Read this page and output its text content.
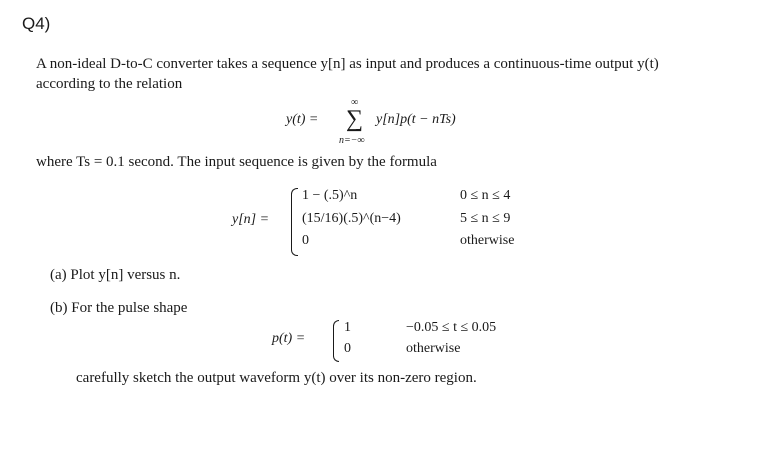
Q4)
A non-ideal D-to-C converter takes a sequence y[n] as input and produces a continuous-time output y(t)
according to the relation
y(t) =
∞
∑
n=−∞
y[n]p(t − nTs)
where Ts = 0.1 second. The input sequence is given by the formula
y[n] =
1 − (.5)^n
(15/16)(.5)^(n−4)
0
0 ≤ n ≤ 4
5 ≤ n ≤ 9
otherwise
(a) Plot y[n] versus n.
(b) For the pulse shape
p(t) =
1
0
−0.05 ≤ t ≤ 0.05
otherwise
carefully sketch the output waveform y(t) over its non-zero region.
